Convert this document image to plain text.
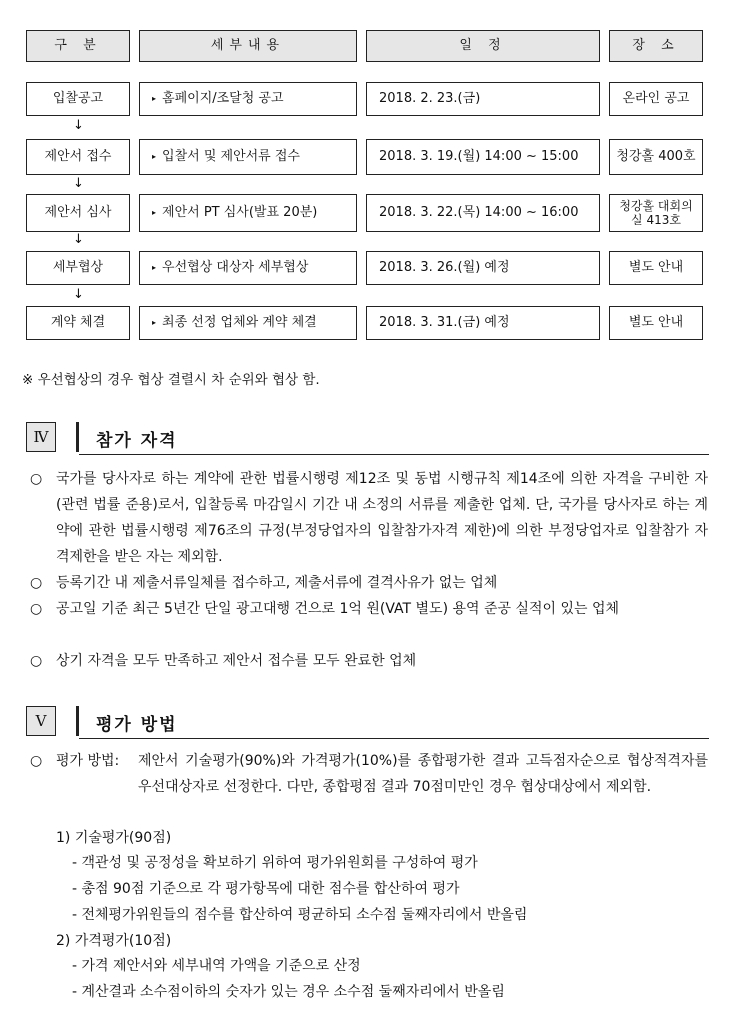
구 분	세부내용	일 정	장 소
입찰공고	▸ 홈페이지/조달청 공고	2018. 2. 23.(금)	온라인 공고
↓
제안서 접수	▸ 입찰서 및 제안서류 접수	2018. 3. 19.(월) 14:00 ~ 15:00	청강홀 400호
↓
제안서 심사	▸ 제안서 PT 심사(발표 20분)	2018. 3. 22.(목) 14:00 ~ 16:00	청강홀 대회의실 413호
↓
세부협상	▸ 우선협상 대상자 세부협상	2018. 3. 26.(월) 예정	별도 안내
↓
계약 체결	▸ 최종 선정 업체와 계약 체결	2018. 3. 31.(금) 예정	별도 안내
※ 우선협상의 경우 협상 결렬시 차 순위와 협상 함.
Ⅳ	참가 자격
○ 국가를 당사자로 하는 계약에 관한 법률시행령 제12조 및 동법 시행규칙 제14조에 의한 자격을 구비한 자(관련 법률 준용)로서, 입찰등록 마감일시 기간 내 소정의 서류를 제출한 업체. 단, 국가를 당사자로 하는 계약에 관한 법률시행령 제76조의 규정(부정당업자의 입찰참가자격 제한)에 의한 부정당업자로 입찰참가 자격제한을 받은 자는 제외함.
○ 등록기간 내 제출서류일체를 접수하고, 제출서류에 결격사유가 없는 업체
○ 공고일 기준 최근 5년간 단일 광고대행 건으로 1억 원(VAT 별도) 용역 준공 실적이 있는 업체
○ 상기 자격을 모두 만족하고 제안서 접수를 모두 완료한 업체
Ⅴ	평가 방법
○ 평가 방법: 제안서 기술평가(90%)와 가격평가(10%)를 종합평가한 결과 고득점자순으로 협상적격자를 우선대상자로 선정한다. 다만, 종합평점 결과 70점미만인 경우 협상대상에서 제외함.
1) 기술평가(90점)
- 객관성 및 공정성을 확보하기 위하여 평가위원회를 구성하여 평가
- 총점 90점 기준으로 각 평가항목에 대한 점수를 합산하여 평가
- 전체평가위원들의 점수를 합산하여 평균하되 소수점 둘째자리에서 반올림
2) 가격평가(10점)
- 가격 제안서와 세부내역 가액을 기준으로 산정
- 계산결과 소수점이하의 숫자가 있는 경우 소수점 둘째자리에서 반올림
